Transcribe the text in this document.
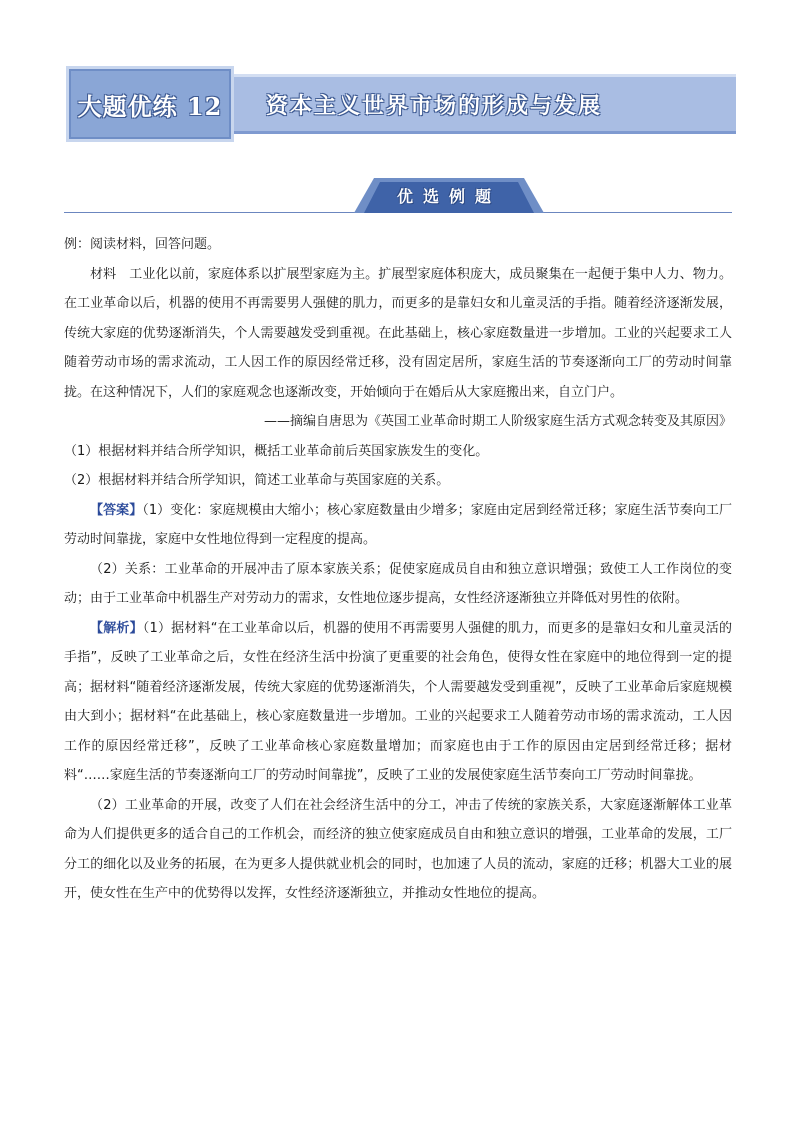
资本主义世界市场的形成与发展
大题优练 12
优选例题

例：阅读材料，回答问题。

材料　工业化以前，家庭体系以扩展型家庭为主。扩展型家庭体积庞大，成员聚集在一起便于集中人力、物力。在工业革命以后，机器的使用不再需要男人强健的肌力，而更多的是靠妇女和儿童灵活的手指。随着经济逐渐发展，传统大家庭的优势逐渐消失，个人需要越发受到重视。在此基础上，核心家庭数量进一步增加。工业的兴起要求工人随着劳动市场的需求流动，工人因工作的原因经常迁移，没有固定居所，家庭生活的节奏逐渐向工厂的劳动时间靠拢。在这种情况下，人们的家庭观念也逐渐改变，开始倾向于在婚后从大家庭搬出来，自立门户。

——摘编自唐思为《英国工业革命时期工人阶级家庭生活方式观念转变及其原因》

（1）根据材料并结合所学知识，概括工业革命前后英国家族发生的变化。

（2）根据材料并结合所学知识，简述工业革命与英国家庭的关系。

【答案】（1）变化：家庭规模由大缩小；核心家庭数量由少增多；家庭由定居到经常迁移；家庭生活节奏向工厂劳动时间靠拢，家庭中女性地位得到一定程度的提高。

（2）关系：工业革命的开展冲击了原本家族关系；促使家庭成员自由和独立意识增强；致使工人工作岗位的变动；由于工业革命中机器生产对劳动力的需求，女性地位逐步提高，女性经济逐渐独立并降低对男性的依附。

【解析】（1）据材料“在工业革命以后，机器的使用不再需要男人强健的肌力，而更多的是靠妇女和儿童灵活的手指”，反映了工业革命之后，女性在经济生活中扮演了更重要的社会角色，使得女性在家庭中的地位得到一定的提高；据材料“随着经济逐渐发展，传统大家庭的优势逐渐消失，个人需要越发受到重视”，反映了工业革命后家庭规模由大到小；据材料“在此基础上，核心家庭数量进一步增加。工业的兴起要求工人随着劳动市场的需求流动，工人因工作的原因经常迁移”，反映了工业革命核心家庭数量增加；而家庭也由于工作的原因由定居到经常迁移；据材料“……家庭生活的节奏逐渐向工厂的劳动时间靠拢”，反映了工业的发展使家庭生活节奏向工厂劳动时间靠拢。

（2）工业革命的开展，改变了人们在社会经济生活中的分工，冲击了传统的家族关系，大家庭逐渐解体工业革命为人们提供更多的适合自己的工作机会，而经济的独立使家庭成员自由和独立意识的增强，工业革命的发展，工厂分工的细化以及业务的拓展，在为更多人提供就业机会的同时，也加速了人员的流动，家庭的迁移；机器大工业的展开，使女性在生产中的优势得以发挥，女性经济逐渐独立，并推动女性地位的提高。
